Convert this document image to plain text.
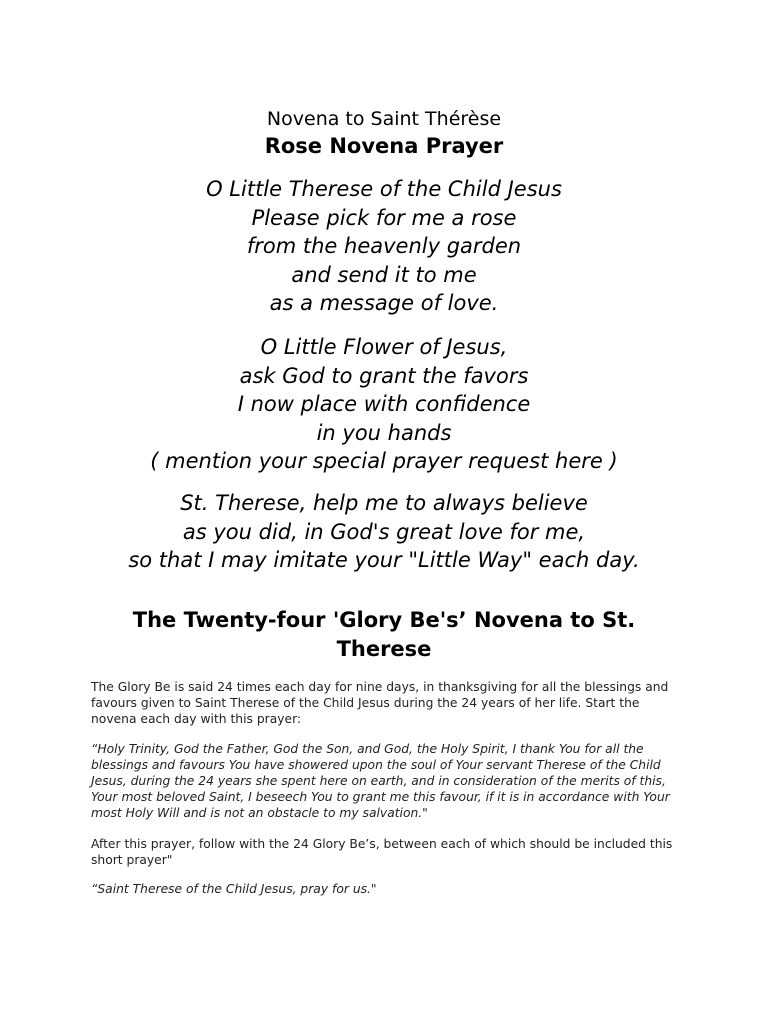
Novena to Saint Thérèse
Rose Novena Prayer
O Little Therese of the Child Jesus
Please pick for me a rose
from the heavenly garden
and send it to me
as a message of love.
O Little Flower of Jesus,
ask God to grant the favors
I now place with confidence
in you hands
( mention your special prayer request here )
St. Therese, help me to always believe
as you did, in God's great love for me,
so that I may imitate your "Little Way" each day.
The Twenty-four 'Glory Be's’ Novena to St. Therese

The Glory Be is said 24 times each day for nine days, in thanksgiving for all the blessings and favours given to Saint Therese of the Child Jesus during the 24 years of her life. Start the novena each day with this prayer:

“Holy Trinity, God the Father, God the Son, and God, the Holy Spirit, I thank You for all the blessings and favours You have showered upon the soul of Your servant Therese of the Child Jesus, during the 24 years she spent here on earth, and in consideration of the merits of this, Your most beloved Saint, I beseech You to grant me this favour, if it is in accordance with Your most Holy Will and is not an obstacle to my salvation."

After this prayer, follow with the 24 Glory Be’s, between each of which should be included this short prayer"

“Saint Therese of the Child Jesus, pray for us."
